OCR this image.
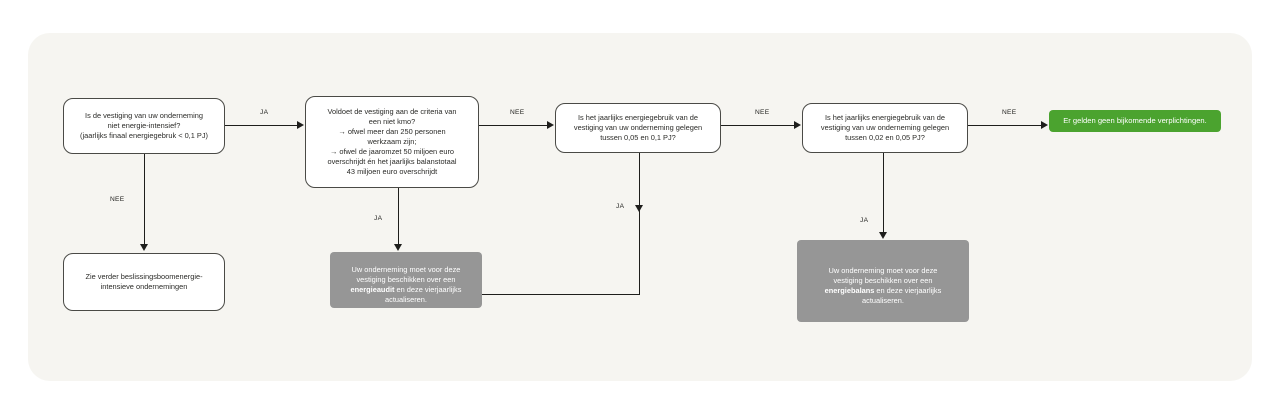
Is de vestiging van uw onderneming
niet energie-intensief?
(jaarlijks finaal energiegebruk < 0,1 PJ)
Voldoet de vestiging aan de criteria van
een niet kmo?
→ ofwel meer dan 250 personen
werkzaam zijn;
→ ofwel de jaaromzet 50 miljoen euro
overschrijdt én het jaarlijks balanstotaal
43 miljoen euro overschrijdt
Is het jaarlijks energiegebruik van de
vestiging van uw onderneming gelegen
tussen 0,05 en 0,1 PJ?
Is het jaarlijks energiegebruik van de
vestiging van uw onderneming gelegen
tussen 0,02 en 0,05 PJ?
Zie verder beslissingsboomenergie-
intensieve ondernemingen

Uw onderneming moet voor deze
vestiging beschikken over een
energieaudit en deze vierjaarlijks
actualiseren.

Uw onderneming moet voor deze
vestiging beschikken over een
energiebalans en deze vierjaarlijks
actualiseren.

Er gelden geen bijkomende verplichtingen.
JA
NEE
NEE
JA
NEE
JA
NEE
JA
